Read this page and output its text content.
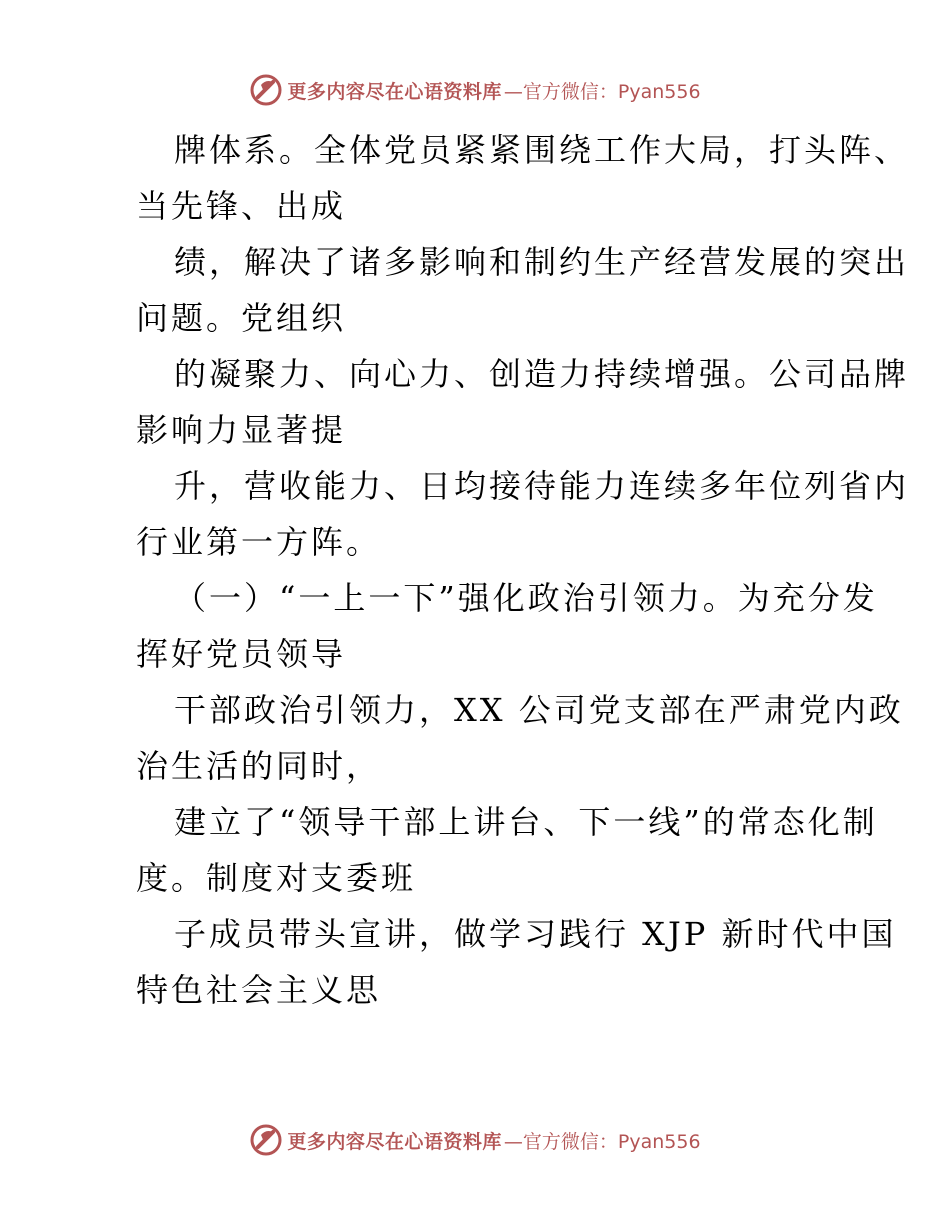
更多内容尽在心语资料库 —官方微信：Pyan556
牌体系。全体党员紧紧围绕工作大局，打头阵、
当先锋、出成
绩，解决了诸多影响和制约生产经营发展的突出
问题。党组织
的凝聚力、向心力、创造力持续增强。公司品牌
影响力显著提
升，营收能力、日均接待能力连续多年位列省内
行业第一方阵。
（一）“一上一下”强化政治引领力。为充分发
挥好党员领导
干部政治引领力，XX 公司党支部在严肃党内政
治生活的同时，
建立了“领导干部上讲台、下一线”的常态化制
度。制度对支委班
子成员带头宣讲，做学习践行 XJP 新时代中国
特色社会主义思
更多内容尽在心语资料库 —官方微信：Pyan556
